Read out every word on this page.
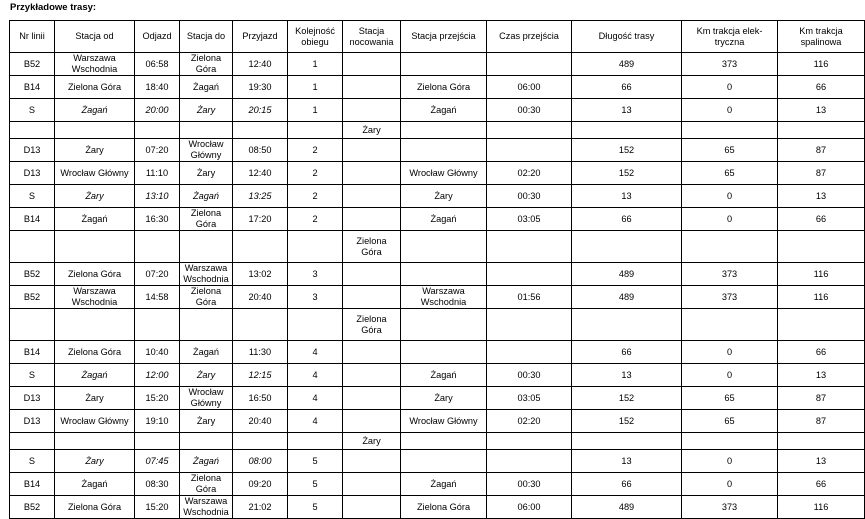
Przykładowe trasy:
Nr linii	Stacja od	Odjazd	Stacja do	Przyjazd	Kolejność obiegu	Stacja nocowania	Stacja przejścia	Czas przejścia	Długość trasy	Km trakcja elek-tryczna	Km trakcja spalinowa
B52	Warszawa Wschodnia	06:58	Zielona Góra	12:40	1				489	373	116
B14	Zielona Góra	18:40	Żagań	19:30	1		Zielona Góra	06:00	66	0	66
S	Żagań	20:00	Żary	20:15	1		Żagań	00:30	13	0	13
						Żary					
D13	Żary	07:20	Wrocław Główny	08:50	2				152	65	87
D13	Wrocław Główny	11:10	Żary	12:40	2		Wrocław Główny	02:20	152	65	87
S	Żary	13:10	Żagań	13:25	2		Żary	00:30	13	0	13
B14	Żagań	16:30	Zielona Góra	17:20	2		Żagań	03:05	66	0	66
						Zielona Góra					
B52	Zielona Góra	07:20	Warszawa Wschodnia	13:02	3				489	373	116
B52	Warszawa Wschodnia	14:58	Zielona Góra	20:40	3		Warszawa Wschodnia	01:56	489	373	116
						Zielona Góra					
B14	Zielona Góra	10:40	Żagań	11:30	4				66	0	66
S	Żagań	12:00	Żary	12:15	4		Żagań	00:30	13	0	13
D13	Żary	15:20	Wrocław Główny	16:50	4		Żary	03:05	152	65	87
D13	Wrocław Główny	19:10	Żary	20:40	4		Wrocław Główny	02:20	152	65	87
						Żary					
S	Żary	07:45	Żagań	08:00	5				13	0	13
B14	Żagań	08:30	Zielona Góra	09:20	5		Żagań	00:30	66	0	66
B52	Zielona Góra	15:20	Warszawa Wschodnia	21:02	5		Zielona Góra	06:00	489	373	116
